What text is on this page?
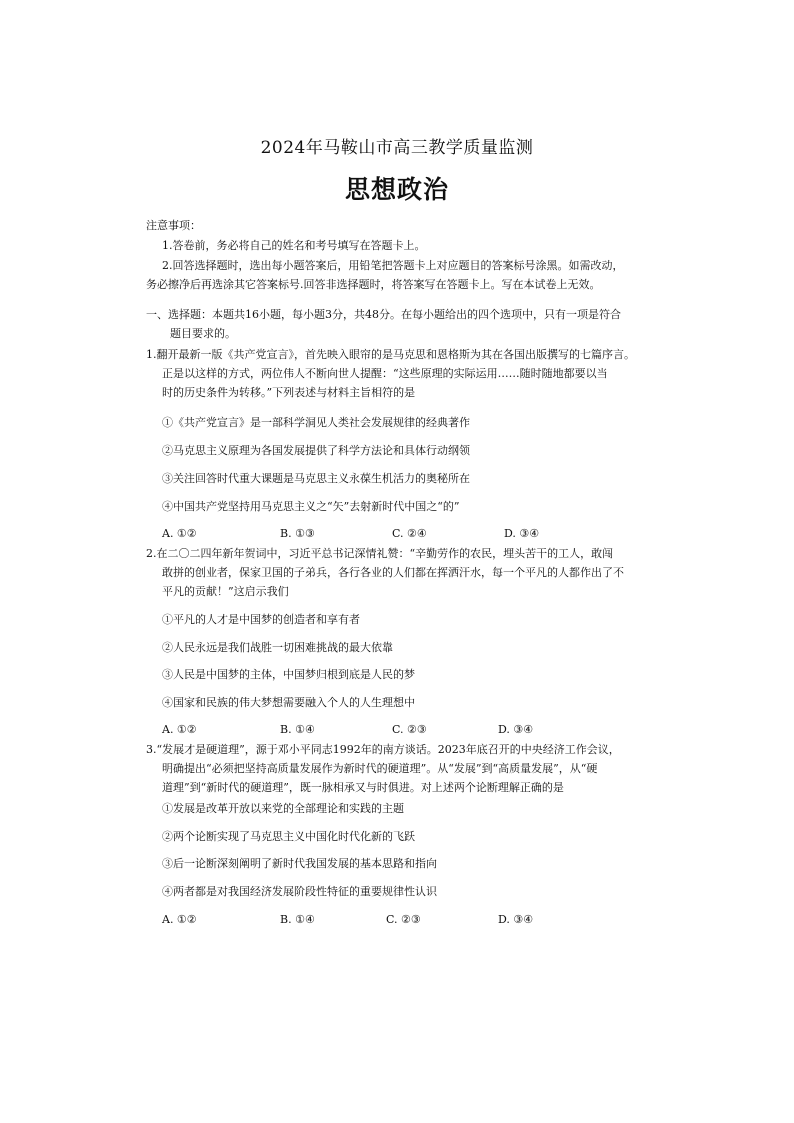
2024年马鞍山市高三教学质量监测
思想政治
注意事项：
1.答卷前，务必将自己的姓名和考号填写在答题卡上。
2.回答选择题时，选出每小题答案后，用铅笔把答题卡上对应题目的答案标号涂黑。如需改动，
务必擦净后再选涂其它答案标号.回答非选择题时，将答案写在答题卡上。写在本试卷上无效。
一、选择题：本题共16小题，每小题3分，共48分。在每小题给出的四个选项中，只有一项是符合
题目要求的。
1.翻开最新一版《共产党宣言》，首先映入眼帘的是马克思和恩格斯为其在各国出版撰写的七篇序言。
正是以这样的方式，两位伟人不断向世人提醒：“这些原理的实际运用……随时随地都要以当
时的历史条件为转移。”下列表述与材料主旨相符的是
①《共产党宣言》是一部科学洞见人类社会发展规律的经典著作
②马克思主义原理为各国发展提供了科学方法论和具体行动纲领
③关注回答时代重大课题是马克思主义永葆生机活力的奥秘所在
④中国共产党坚持用马克思主义之“矢”去射新时代中国之“的”
A. ①②	B. ①③	C. ②④	D. ③④
2.在二〇二四年新年贺词中，习近平总书记深情礼赞：“辛勤劳作的农民，埋头苦干的工人，敢闯
敢拼的创业者，保家卫国的子弟兵，各行各业的人们都在挥洒汗水，每一个平凡的人都作出了不
平凡的贡献！”这启示我们
①平凡的人才是中国梦的创造者和享有者
②人民永远是我们战胜一切困难挑战的最大依靠
③人民是中国梦的主体，中国梦归根到底是人民的梦
④国家和民族的伟大梦想需要融入个人的人生理想中
A. ①②	B. ①④	C. ②③	D. ③④
3.“发展才是硬道理”，源于邓小平同志1992年的南方谈话。2023年底召开的中央经济工作会议，
明确提出“必须把坚持高质量发展作为新时代的硬道理”。从“发展”到“高质量发展”，从“硬
道理”到“新时代的硬道理”，既一脉相承又与时俱进。对上述两个论断理解正确的是
①发展是改革开放以来党的全部理论和实践的主题
②两个论断实现了马克思主义中国化时代化新的飞跃
③后一论断深刻阐明了新时代我国发展的基本思路和指向
④两者都是对我国经济发展阶段性特征的重要规律性认识
A. ①②	B. ①④	C. ②③	D. ③④
